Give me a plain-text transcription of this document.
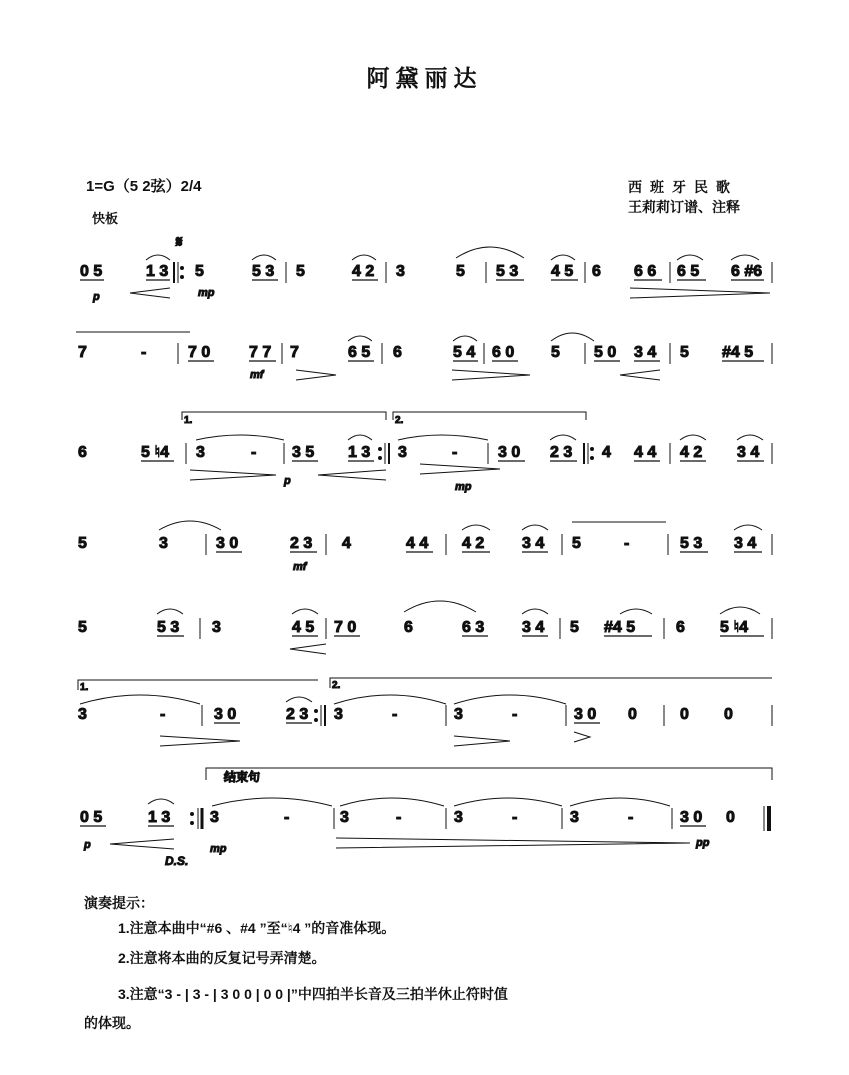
阿黛丽达
1=G（5 2弦）2/4
快板
西班牙民歌
王莉莉订谱、注释
0 5	1 3
𝄋
5	5 3 5	4 2 3	5 5 3 4 5 6 6 6 6 5 6 #6
p	mp
7	-	7 0 7 7 7	6 5 6	5 4 6 0 5 5 0 3 4 5 #4 5
mf
1.	2.
6	5 ♮4 3	- 3 5 1 3 3	-	3 0 2 3 4 4 4 4 2 3 4
p	mp
5	3	3 0	2 3 4	4 4 4 2 3 4 5	-	5 3 3 4
mf
5	5 3 3	4 5 7 0	6	6 3 3 4 5 #4 5	6 5 ♮4
1.	2.
3	-	3 0	2 3 3	-	3	-	3 0 0	0 0
结束句
0 5	1 3 3	-	3	-	3	-	3	-	3 0 0
p	mp
D.S.
pp
演奏提示：
1.注意本曲中“#6 、#4 ”至“♮4 ”的音准体现。
2.注意将本曲的反复记号弄清楚。
3.注意“3 - | 3 - | 3 0 0 | 0 0 |”中四拍半长音及三拍半休止符时值
的体现。
